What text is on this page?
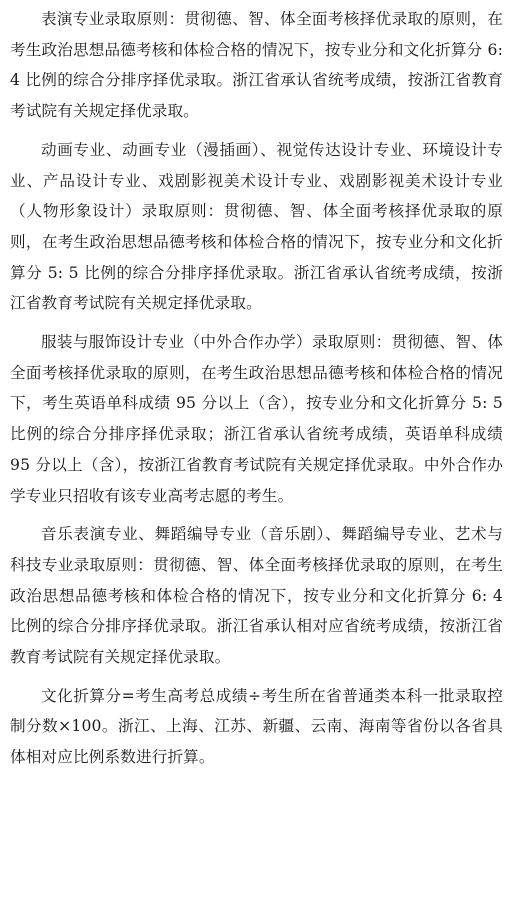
表演专业录取原则：贯彻德、智、体全面考核择优录取的原则，在考生政治思想品德考核和体检合格的情况下，按专业分和文化折算分 6: 4 比例的综合分排序择优录取。浙江省承认省统考成绩，按浙江省教育考试院有关规定择优录取。

动画专业、动画专业（漫插画）、视觉传达设计专业、环境设计专业、产品设计专业、戏剧影视美术设计专业、戏剧影视美术设计专业（人物形象设计）录取原则：贯彻德、智、体全面考核择优录取的原则，在考生政治思想品德考核和体检合格的情况下，按专业分和文化折算分 5: 5 比例的综合分排序择优录取。浙江省承认省统考成绩，按浙江省教育考试院有关规定择优录取。

服装与服饰设计专业（中外合作办学）录取原则：贯彻德、智、体全面考核择优录取的原则，在考生政治思想品德考核和体检合格的情况下，考生英语单科成绩 95 分以上（含），按专业分和文化折算分 5: 5 比例的综合分排序择优录取；浙江省承认省统考成绩，英语单科成绩 95 分以上（含），按浙江省教育考试院有关规定择优录取。中外合作办学专业只招收有该专业高考志愿的考生。

音乐表演专业、舞蹈编导专业（音乐剧）、舞蹈编导专业、艺术与科技专业录取原则：贯彻德、智、体全面考核择优录取的原则，在考生政治思想品德考核和体检合格的情况下，按专业分和文化折算分 6: 4 比例的综合分排序择优录取。浙江省承认相对应省统考成绩，按浙江省教育考试院有关规定择优录取。

文化折算分=考生高考总成绩÷考生所在省普通类本科一批录取控制分数×100。浙江、上海、江苏、新疆、云南、海南等省份以各省具体相对应比例系数进行折算。
